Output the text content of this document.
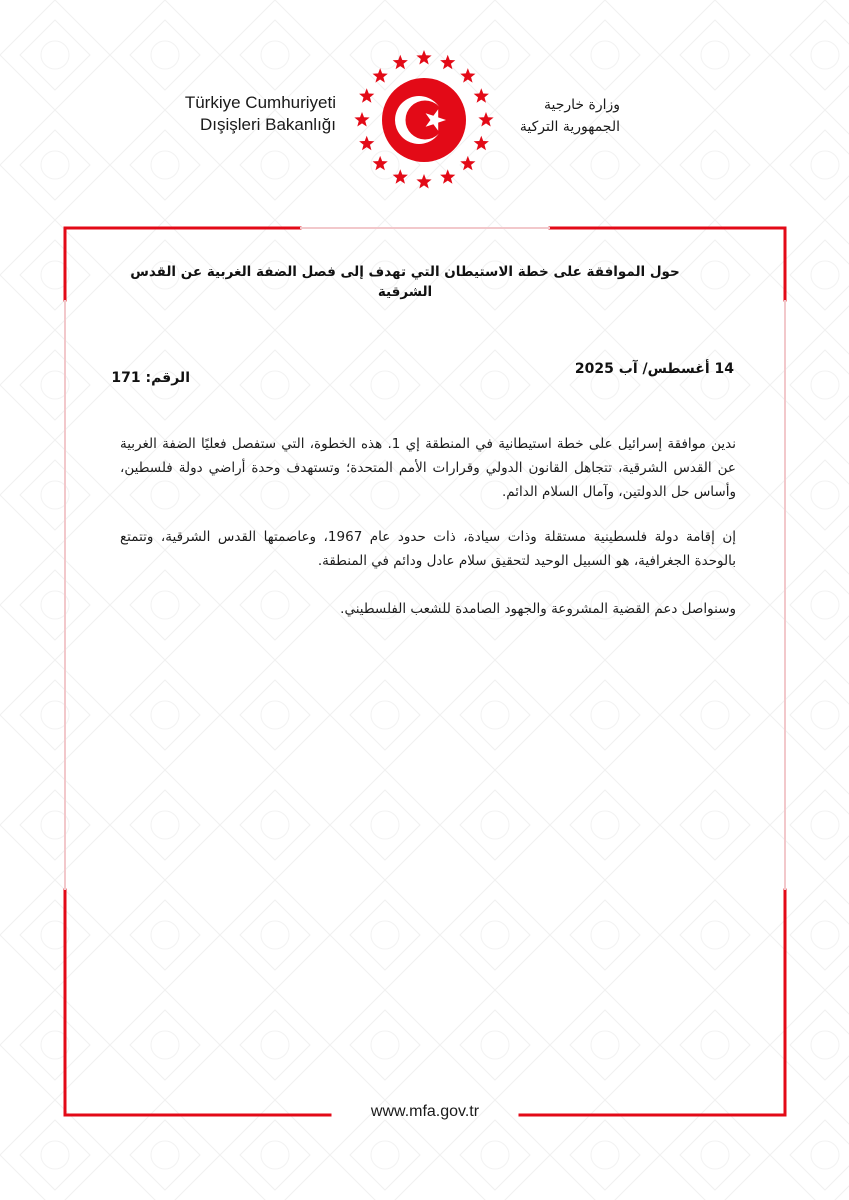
Türkiye Cumhuriyeti
Dışişleri Bakanlığı
وزارة خارجية
الجمهورية التركية
حول الموافقة على خطة الاستيطان التي تهدف إلى فصل الضفة الغربية عن القدس الشرقية
14 أغسطس/ آب 2025
الرقم: 171
ندين موافقة إسرائيل على خطة استيطانية في المنطقة إي 1. هذه الخطوة، التي ستفصل فعليًا الضفة الغربية عن القدس الشرقية، تتجاهل القانون الدولي وقرارات الأمم المتحدة؛ وتستهدف وحدة أراضي دولة فلسطين، وأساس حل الدولتين، وآمال السلام الدائم.
إن إقامة دولة فلسطينية مستقلة وذات سيادة، ذات حدود عام 1967، وعاصمتها القدس الشرقية، وتتمتع بالوحدة الجغرافية، هو السبيل الوحيد لتحقيق سلام عادل ودائم في المنطقة.
وسنواصل دعم القضية المشروعة والجهود الصامدة للشعب الفلسطيني.
www.mfa.gov.tr
